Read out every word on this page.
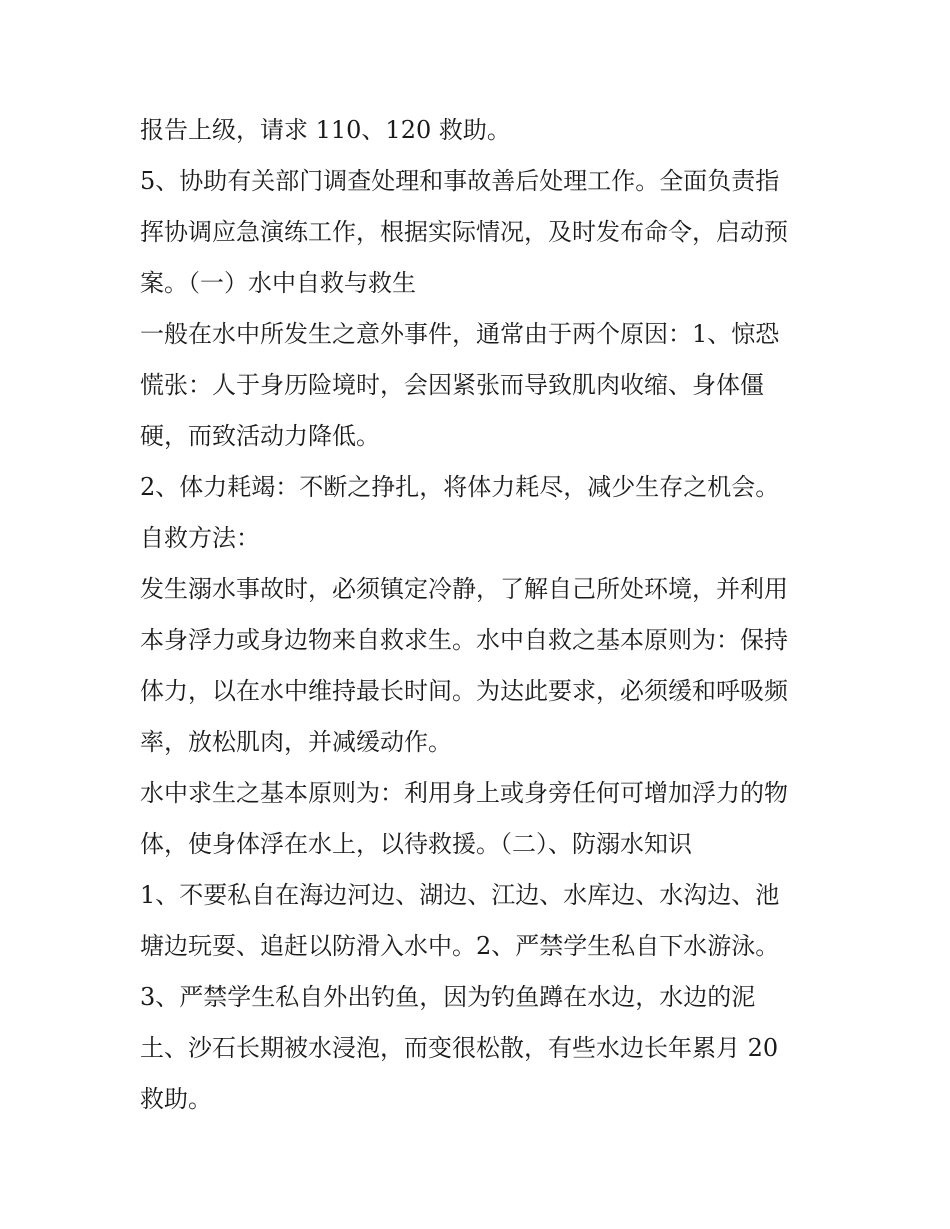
报告上级，请求 110、120 救助。
5、协助有关部门调查处理和事故善后处理工作。全面负责指
挥协调应急演练工作，根据实际情况，及时发布命令，启动预
案。（一）水中自救与救生
一般在水中所发生之意外事件，通常由于两个原因：1、惊恐
慌张：人于身历险境时，会因紧张而导致肌肉收缩、身体僵
硬，而致活动力降低。
2、体力耗竭：不断之挣扎，将体力耗尽，减少生存之机会。
自救方法：
发生溺水事故时，必须镇定冷静，了解自己所处环境，并利用
本身浮力或身边物来自救求生。水中自救之基本原则为：保持
体力，以在水中维持最长时间。为达此要求，必须缓和呼吸频
率，放松肌肉，并减缓动作。
水中求生之基本原则为：利用身上或身旁任何可增加浮力的物
体，使身体浮在水上，以待救援。（二）、防溺水知识
1、不要私自在海边河边、湖边、江边、水库边、水沟边、池
塘边玩耍、追赶以防滑入水中。2、严禁学生私自下水游泳。
3、严禁学生私自外出钓鱼，因为钓鱼蹲在水边，水边的泥
土、沙石长期被水浸泡，而变很松散，有些水边长年累月 20
救助。
